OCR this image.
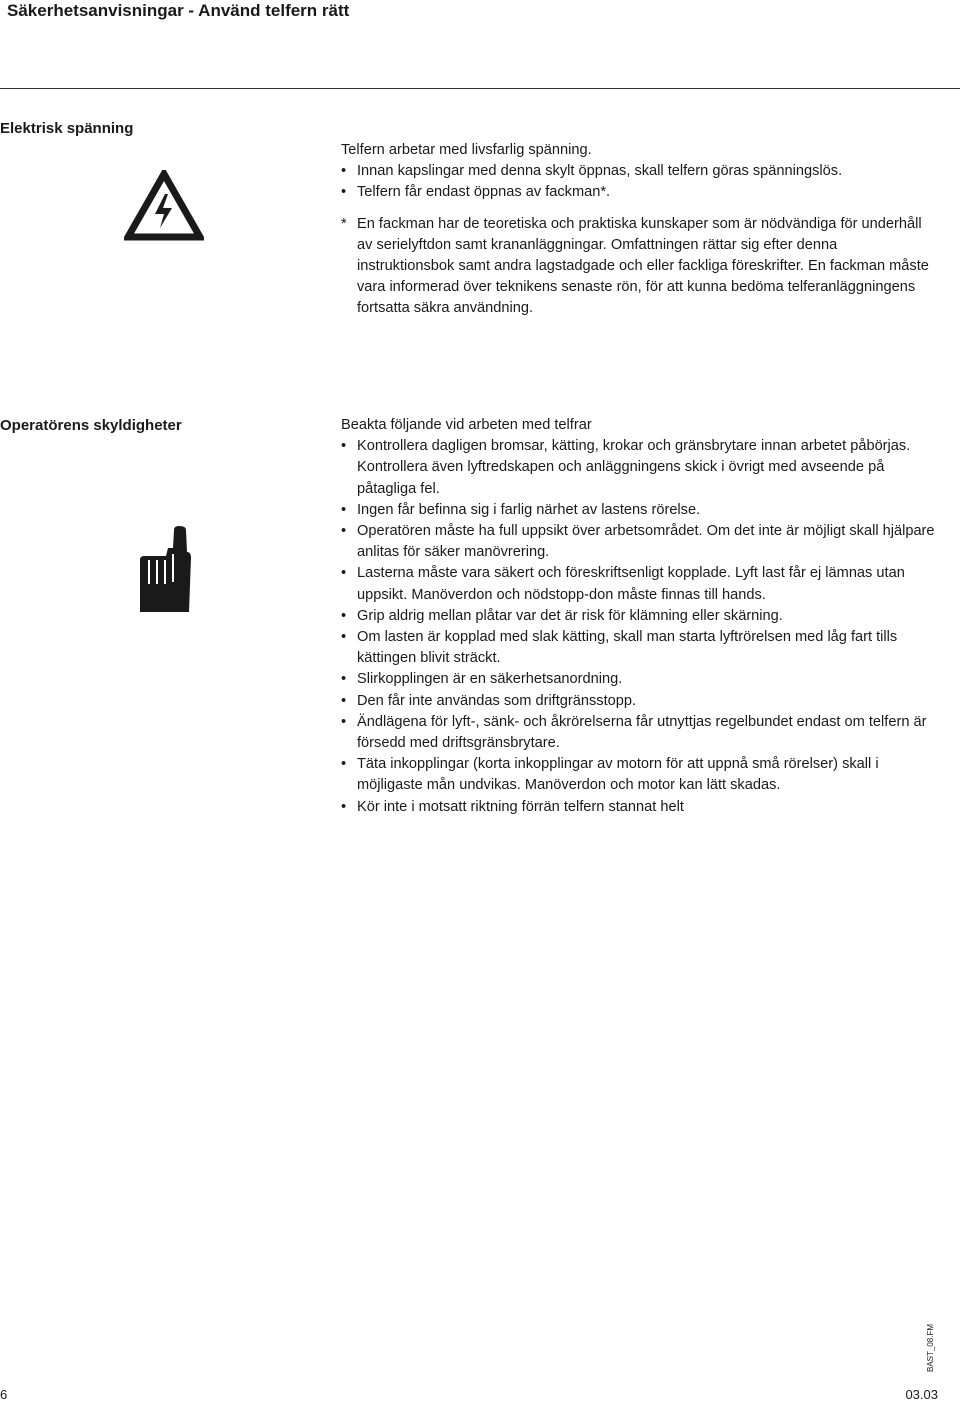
Säkerhetsanvisningar - Använd telfern rätt
Elektrisk spänning

Telfern arbetar med livsfarlig spänning.

• Innan kapslingar med denna skylt öppnas, skall telfern göras spänningslös.
• Telfern får endast öppnas av fackman*.

* En fackman har de teoretiska och praktiska kunskaper som är nödvändiga för underhåll av serielyftdon samt krananläggningar. Omfattningen rättar sig efter denna instruktionsbok samt andra lagstadgade och eller fackliga föreskrifter. En fackman måste vara informerad över teknikens senaste rön, för att kunna bedöma telferanläggningens fortsatta säkra användning.

Operatörens skyldigheter	Beakta följande vid arbeten med telfrar

• Kontrollera dagligen bromsar, kätting, krokar och gränsbrytare innan arbetet påbörjas. Kontrollera även lyftredskapen och anläggningens skick i övrigt med avseende på påtagliga fel.
• Ingen får befinna sig i farlig närhet av lastens rörelse.
• Operatören måste ha full uppsikt över arbetsområdet. Om det inte är möjligt skall hjälpare anlitas för säker manövrering.
• Lasterna måste vara säkert och föreskriftsenligt kopplade. Lyft last får ej lämnas utan uppsikt. Manöverdon och nödstopp-don måste finnas till hands.
• Grip aldrig mellan plåtar var det är risk för klämning eller skärning.
• Om lasten är kopplad med slak kätting, skall man starta lyftrörelsen med låg fart tills kättingen blivit sträckt.
• Slirkopplingen är en säkerhetsanordning.
• Den får inte användas som driftgränsstopp.
• Ändlägena för lyft-, sänk- och åkrörelserna får utnyttjas regelbundet endast om telfern är försedd med driftsgränsbrytare.
• Täta inkopplingar (korta inkopplingar av motorn för att uppnå små rörelser) skall i möjligaste mån undvikas. Manöverdon och motor kan lätt skadas.
• Kör inte i motsatt riktning förrän telfern stannat helt

6	03.03

BAST_08.FM
